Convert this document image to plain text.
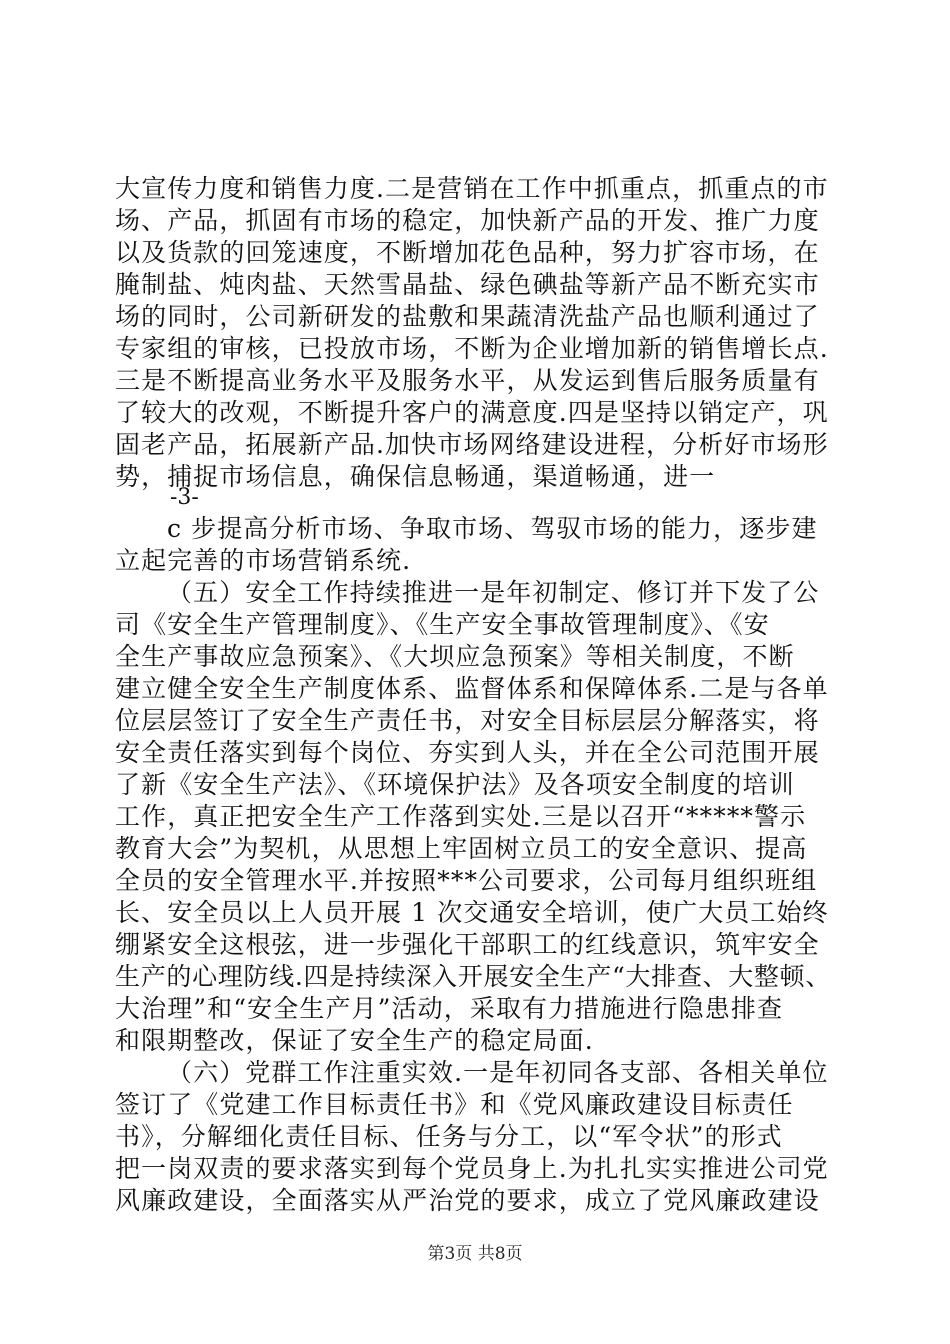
大宣传力度和销售力度.二是营销在工作中抓重点，抓重点的市
场、产品，抓固有市场的稳定，加快新产品的开发、推广力度
以及货款的回笼速度，不断增加花色品种，努力扩容市场，在
腌制盐、炖肉盐、天然雪晶盐、绿色碘盐等新产品不断充实市
场的同时，公司新研发的盐敷和果蔬清洗盐产品也顺利通过了
专家组的审核，已投放市场，不断为企业增加新的销售增长点.
三是不断提高业务水平及服务水平，从发运到售后服务质量有
了较大的改观，不断提升客户的满意度.四是坚持以销定产，巩
固老产品，拓展新产品.加快市场网络建设进程，分析好市场形
势，捕捉市场信息，确保信息畅通，渠道畅通，进一
-3-
c 步提高分析市场、争取市场、驾驭市场的能力，逐步建
立起完善的市场营销系统.
（五）安全工作持续推进一是年初制定、修订并下发了公
司《安全生产管理制度》、《生产安全事故管理制度》、《安
全生产事故应急预案》、《大坝应急预案》等相关制度，不断
建立健全安全生产制度体系、监督体系和保障体系.二是与各单
位层层签订了安全生产责任书，对安全目标层层分解落实，将
安全责任落实到每个岗位、夯实到人头，并在全公司范围开展
了新《安全生产法》、《环境保护法》及各项安全制度的培训
工作，真正把安全生产工作落到实处.三是以召开“*****警示
教育大会”为契机，从思想上牢固树立员工的安全意识、提高
全员的安全管理水平.并按照***公司要求，公司每月组织班组
长、安全员以上人员开展 1 次交通安全培训，使广大员工始终
绷紧安全这根弦，进一步强化干部职工的红线意识，筑牢安全
生产的心理防线.四是持续深入开展安全生产“大排查、大整顿、
大治理”和“安全生产月”活动，采取有力措施进行隐患排查
和限期整改，保证了安全生产的稳定局面.
（六）党群工作注重实效.一是年初同各支部、各相关单位
签订了《党建工作目标责任书》和《党风廉政建设目标责任
书》，分解细化责任目标、任务与分工，以“军令状”的形式
把一岗双责的要求落实到每个党员身上.为扎扎实实推进公司党
风廉政建设，全面落实从严治党的要求，成立了党风廉政建设
第3页 共8页
